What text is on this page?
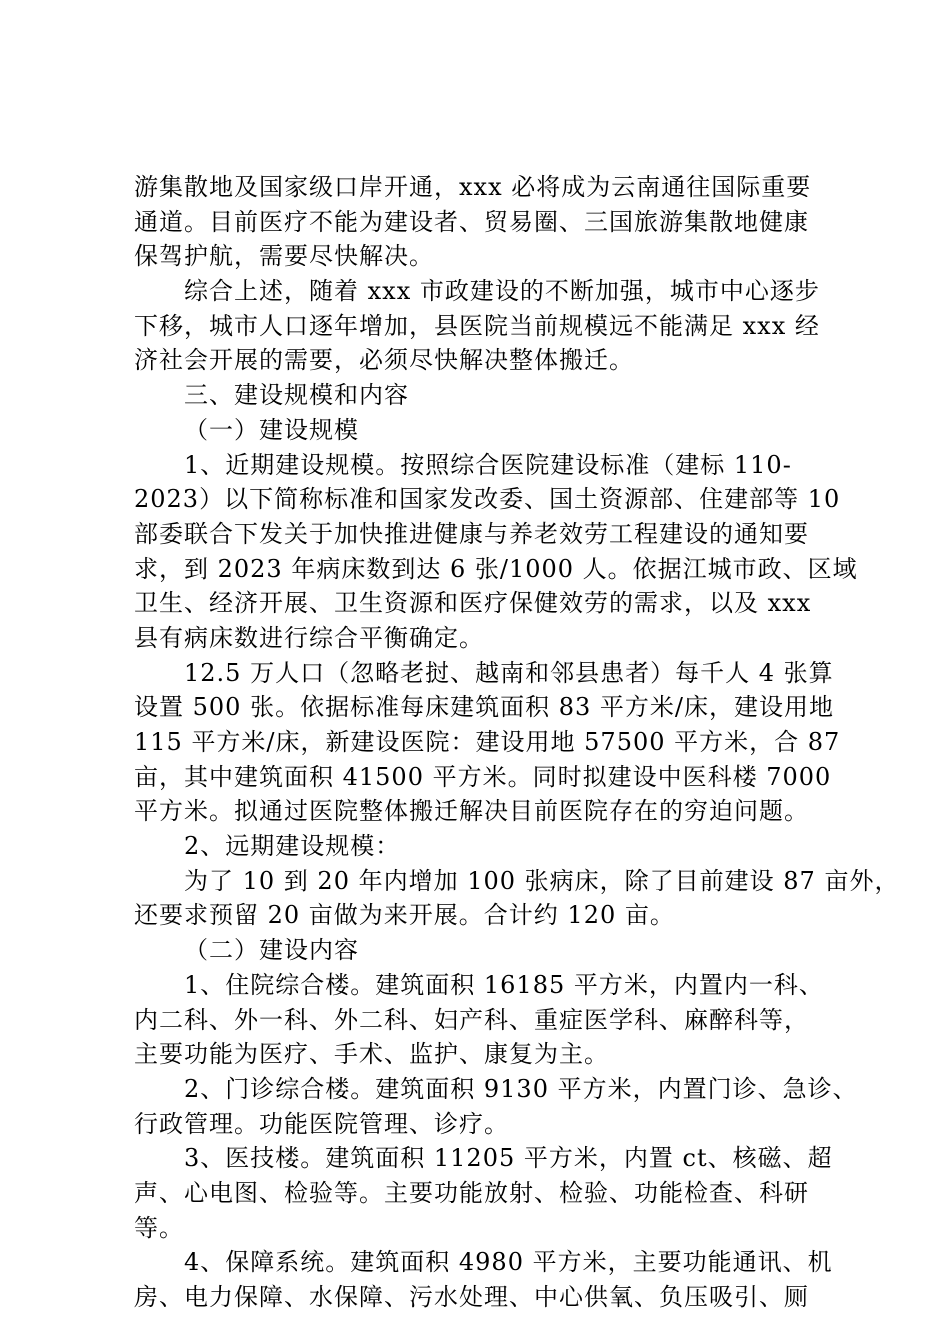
游集散地及国家级口岸开通，xxx 必将成为云南通往国际重要
通道。目前医疗不能为建设者、贸易圈、三国旅游集散地健康
保驾护航，需要尽快解决。
综合上述，随着 xxx 市政建设的不断加强，城市中心逐步
下移，城市人口逐年增加，县医院当前规模远不能满足 xxx 经
济社会开展的需要，必须尽快解决整体搬迁。
三、建设规模和内容
（一）建设规模
1、近期建设规模。按照综合医院建设标准（建标 110-
2023）以下简称标准和国家发改委、国土资源部、住建部等 10
部委联合下发关于加快推进健康与养老效劳工程建设的通知要
求，到 2023 年病床数到达 6 张/1000 人。依据江城市政、区域
卫生、经济开展、卫生资源和医疗保健效劳的需求，以及 xxx
县有病床数进行综合平衡确定。
12.5 万人口（忽略老挝、越南和邻县患者）每千人 4 张算
设置 500 张。依据标准每床建筑面积 83 平方米/床，建设用地
115 平方米/床，新建设医院：建设用地 57500 平方米，合 87
亩，其中建筑面积 41500 平方米。同时拟建设中医科楼 7000
平方米。拟通过医院整体搬迁解决目前医院存在的穷迫问题。
2、远期建设规模：
为了 10 到 20 年内增加 100 张病床，除了目前建设 87 亩外，
还要求预留 20 亩做为来开展。合计约 120 亩。
（二）建设内容
1、住院综合楼。建筑面积 16185 平方米，内置内一科、
内二科、外一科、外二科、妇产科、重症医学科、麻醉科等，
主要功能为医疗、手术、监护、康复为主。
2、门诊综合楼。建筑面积 9130 平方米，内置门诊、急诊、
行政管理。功能医院管理、诊疗。
3、医技楼。建筑面积 11205 平方米，内置 ct、核磁、超
声、心电图、检验等。主要功能放射、检验、功能检查、科研
等。
4、保障系统。建筑面积 4980 平方米，主要功能通讯、机
房、电力保障、水保障、污水处理、中心供氧、负压吸引、厕
